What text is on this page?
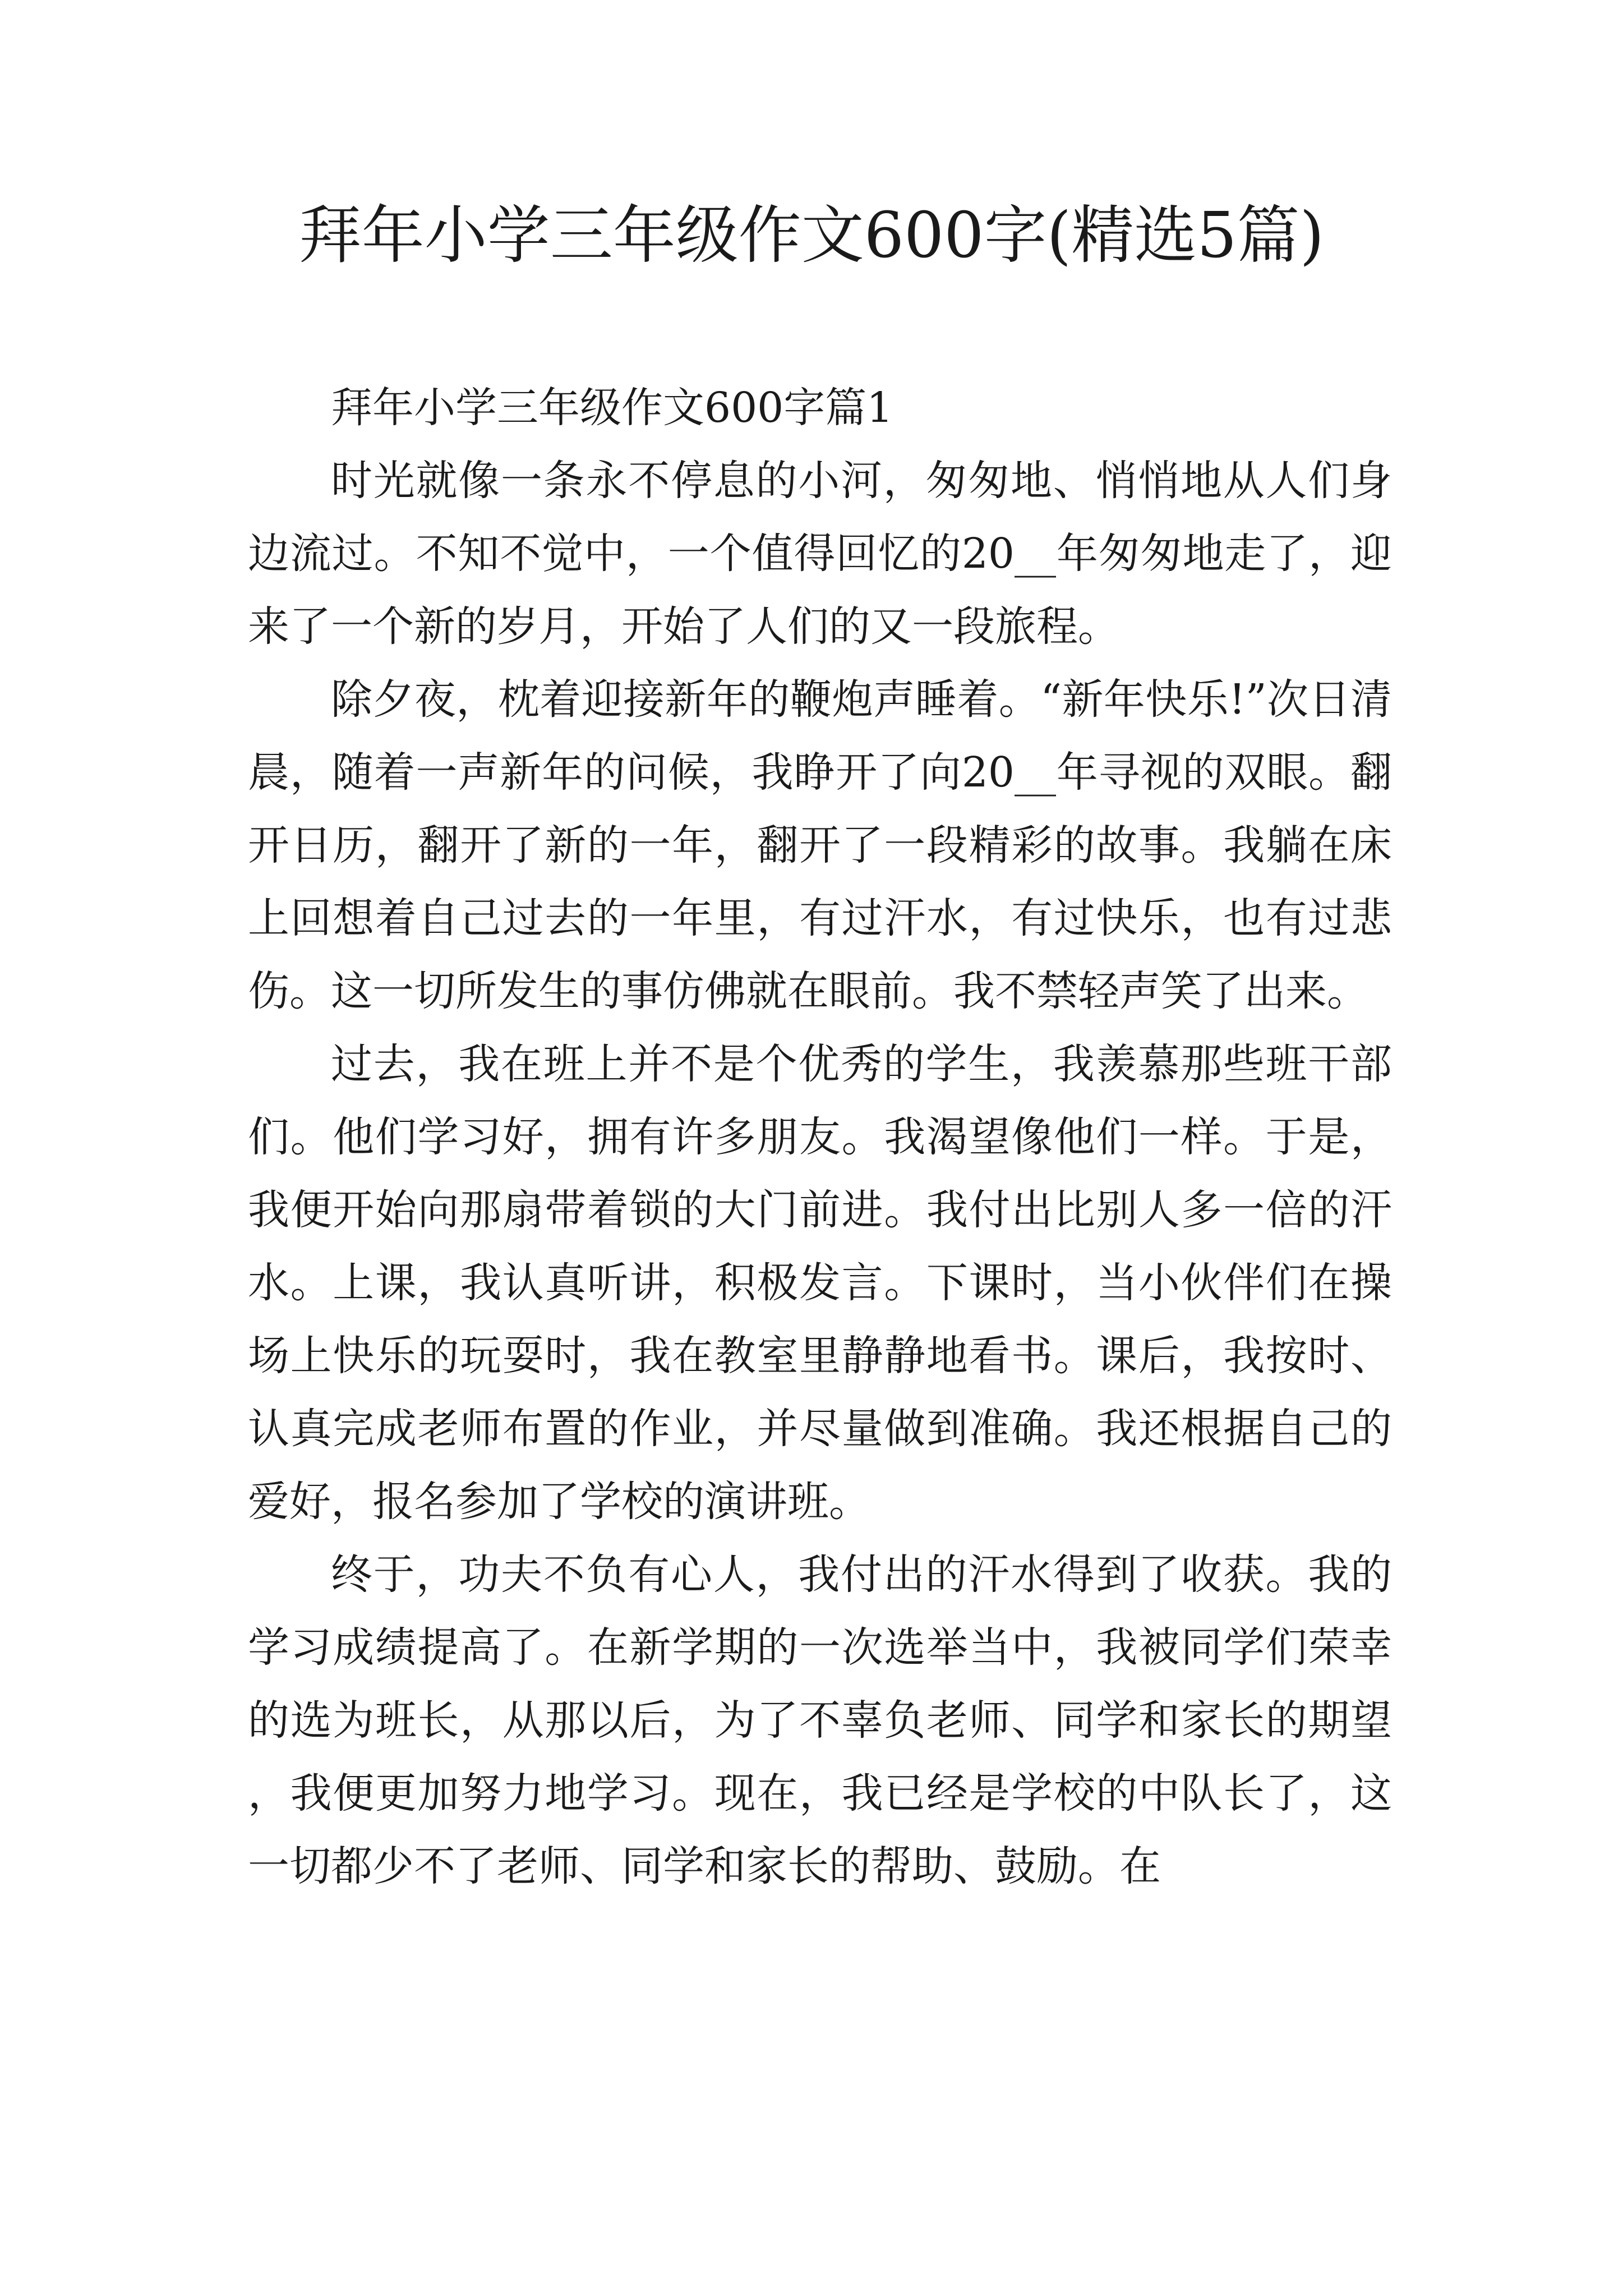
拜年小学三年级作文600字(精选5篇)

拜年小学三年级作文600字篇1

时光就像一条永不停息的小河，匆匆地、悄悄地从人们身边流过。不知不觉中，一个值得回忆的20__年匆匆地走了，迎来了一个新的岁月，开始了人们的又一段旅程。

除夕夜，枕着迎接新年的鞭炮声睡着。“新年快乐!”次日清晨，随着一声新年的问候，我睁开了向20__年寻视的双眼。翻开日历，翻开了新的一年，翻开了一段精彩的故事。我躺在床上回想着自己过去的一年里，有过汗水，有过快乐，也有过悲伤。这一切所发生的事仿佛就在眼前。我不禁轻声笑了出来。

过去，我在班上并不是个优秀的学生，我羡慕那些班干部们。他们学习好，拥有许多朋友。我渴望像他们一样。于是，我便开始向那扇带着锁的大门前进。我付出比别人多一倍的汗水。上课，我认真听讲，积极发言。下课时，当小伙伴们在操场上快乐的玩耍时，我在教室里静静地看书。课后，我按时、认真完成老师布置的作业，并尽量做到准确。我还根据自己的爱好，报名参加了学校的演讲班。

终于，功夫不负有心人，我付出的汗水得到了收获。我的学习成绩提高了。在新学期的一次选举当中，我被同学们荣幸的选为班长，从那以后，为了不辜负老师、同学和家长的期望，我便更加努力地学习。现在，我已经是学校的中队长了，这一切都少不了老师、同学和家长的帮助、鼓励。在
